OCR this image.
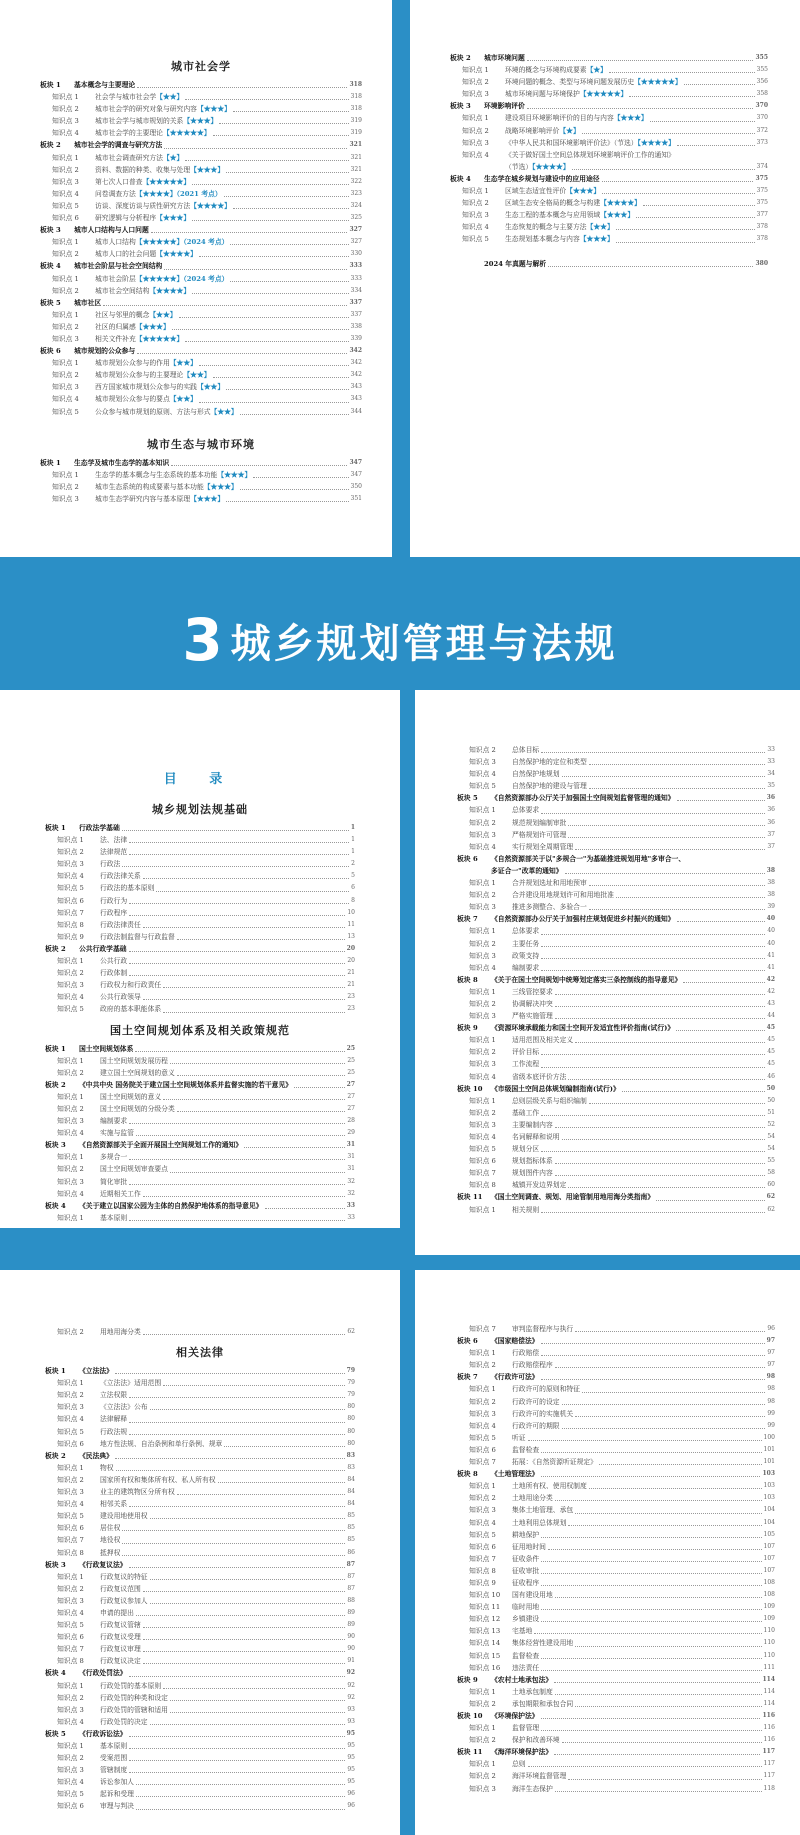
城市社会学
板块 1	基本概念与主要理论	318
知识点 1	社会学与城市社会学【★★】	318
知识点 2	城市社会学的研究对象与研究内容【★★★】	318
知识点 3	城市社会学与城市规划的关系【★★★】	319
知识点 4	城市社会学的主要理论【★★★★★】	319
板块 2	城市社会学的调查与研究方法	321
知识点 1	城市社会调查研究方法【★】	321
知识点 2	资料、数据的种类、收集与处理【★★★】	321
知识点 3	第七次人口普查【★★★★★】	322
知识点 4	问卷调查方法【★★★★】（2021 考点）	323
知识点 5	访谈、深度访谈与质性研究方法【★★★★】	324
知识点 6	研究逻辑与分析程序【★★★】	325
板块 3	城市人口结构与人口问题	327
知识点 1	城市人口结构【★★★★★】（2024 考点）	327
知识点 2	城市人口的社会问题【★★★★】	330
板块 4	城市社会阶层与社会空间结构	333
知识点 1	城市社会阶层【★★★★★】（2024 考点）	333
知识点 2	城市社会空间结构【★★★★】	334
板块 5	城市社区	337
知识点 1	社区与邻里的概念【★★】	337
知识点 2	社区的归属感【★★★】	338
知识点 3	相关文件补充【★★★★★】	339
板块 6	城市规划的公众参与	342
知识点 1	城市规划公众参与的作用【★★】	342
知识点 2	城市规划公众参与的主要理论【★★】	342
知识点 3	西方国家城市规划公众参与的实践【★★】	343
知识点 4	城市规划公众参与的要点【★★】	343
知识点 5	公众参与城市规划的原则、方法与形式【★★】	344
城市生态与城市环境
板块 1	生态学及城市生态学的基本知识	347
知识点 1	生态学的基本概念与生态系统的基本功能【★★★】	347
知识点 2	城市生态系统的构成要素与基本功能【★★★】	350
知识点 3	城市生态学研究内容与基本原理【★★★】	351
板块 2	城市环境问题	355
知识点 1	环境的概念与环境构成要素【★】	355
知识点 2	环境问题的概念、类型与环境问题发展历史【★★★★★】	356
知识点 3	城市环境问题与环境保护【★★★★★】	358
板块 3	环境影响评价	370
知识点 1	建设项目环境影响评价的目的与内容【★★★】	370
知识点 2	战略环境影响评价【★】	372
知识点 3	《中华人民共和国环境影响评价法》（节选）【★★★★】	373
知识点 4	《关于做好国土空间总体规划环境影响评价工作的通知》
（节选）【★★★★】	374
板块 4	生态学在城乡规划与建设中的应用途径	375
知识点 1	区域生态适宜性评价【★★★】	375
知识点 2	区域生态安全格局的概念与构建【★★★★】	375
知识点 3	生态工程的基本概念与应用领域【★★★】	377
知识点 4	生态恢复的概念与主要方法【★★】	378
知识点 5	生态规划基本概念与内容【★★★】	378
2024 年真题与解析	380
3 城乡规划管理与法规
目 录
城乡规划法规基础
板块 1	行政法学基础	1
知识点 1	法、法律	1
知识点 2	法律规范	1
知识点 3	行政法	2
知识点 4	行政法律关系	5
知识点 5	行政法的基本原则	6
知识点 6	行政行为	8
知识点 7	行政程序	10
知识点 8	行政法律责任	11
知识点 9	行政法制监督与行政监督	13
板块 2	公共行政学基础	20
知识点 1	公共行政	20
知识点 2	行政体制	21
知识点 3	行政权力和行政责任	21
知识点 4	公共行政领导	23
知识点 5	政府的基本职能体系	23
国土空间规划体系及相关政策规范
板块 1	国土空间规划体系	25
知识点 1	国土空间规划发展历程	25
知识点 2	建立国土空间规划的意义	25
板块 2	《中共中央 国务院关于建立国土空间规划体系并监督实施的若干意见》	27
知识点 1	国土空间规划的意义	27
知识点 2	国土空间规划的分级分类	27
知识点 3	编制要求	28
知识点 4	实施与监管	29
板块 3	《自然资源部关于全面开展国土空间规划工作的通知》	31
知识点 1	多规合一	31
知识点 2	国土空间规划审查要点	31
知识点 3	简化审批	32
知识点 4	近期相关工作	32
板块 4	《关于建立以国家公园为主体的自然保护地体系的指导意见》	33
知识点 1	基本原则	33
知识点 2	总体目标	33
知识点 3	自然保护地的定位和类型	33
知识点 4	自然保护地规划	34
知识点 5	自然保护地的建设与管理	35
板块 5	《自然资源部办公厅关于加强国土空间规划监督管理的通知》	36
知识点 1	总体要求	36
知识点 2	规范规划编制审批	36
知识点 3	严格规划许可管理	37
知识点 4	实行规划全周期管理	37
板块 6	《自然资源部关于以"多规合一"为基础推进规划用地"多审合一、
多证合一"改革的通知》	38
知识点 1	合并规划选址和用地预审	38
知识点 2	合并建设用地规划许可和用地批准	38
知识点 3	推进多测整合、多验合一	39
板块 7	《自然资源部办公厅关于加强村庄规划促进乡村振兴的通知》	40
知识点 1	总体要求	40
知识点 2	主要任务	40
知识点 3	政策支持	41
知识点 4	编制要求	41
板块 8	《关于在国土空间规划中统筹划定落实三条控制线的指导意见》	42
知识点 1	三线管控要求	42
知识点 2	协调解决冲突	43
知识点 3	严格实施管理	44
板块 9	《资源环境承载能力和国土空间开发适宜性评价指南(试行)》	45
知识点 1	适用范围及相关定义	45
知识点 2	评价目标	45
知识点 3	工作流程	45
知识点 4	省级本底评价方法	46
板块 10	《市级国土空间总体规划编制指南(试行)》	50
知识点 1	总则层级关系与组织编制	50
知识点 2	基础工作	51
知识点 3	主要编制内容	52
知识点 4	名词解释和说明	54
知识点 5	规划分区	54
知识点 6	规划指标体系	55
知识点 7	规划图件内容	58
知识点 8	城镇开发边界划定	60
板块 11	《国土空间调查、规划、用途管制用地用海分类指南》	62
知识点 1	相关规则	62
知识点 2	用地用海分类	62
相关法律
板块 1	《立法法》	79
知识点 1	《立法法》适用范围	79
知识点 2	立法权限	79
知识点 3	《立法法》公布	80
知识点 4	法律解释	80
知识点 5	行政法规	80
知识点 6	地方性法规、自治条例和单行条例、规章	80
板块 2	《民法典》	83
知识点 1	物权	83
知识点 2	国家所有权和集体所有权、私人所有权	84
知识点 3	业主的建筑物区分所有权	84
知识点 4	相邻关系	84
知识点 5	建设用地使用权	85
知识点 6	居住权	85
知识点 7	地役权	85
知识点 8	抵押权	86
板块 3	《行政复议法》	87
知识点 1	行政复议的特征	87
知识点 2	行政复议范围	87
知识点 3	行政复议参加人	88
知识点 4	申请的提出	89
知识点 5	行政复议管辖	89
知识点 6	行政复议受理	90
知识点 7	行政复议审理	90
知识点 8	行政复议决定	91
板块 4	《行政处罚法》	92
知识点 1	行政处罚的基本原则	92
知识点 2	行政处罚的种类和设定	92
知识点 3	行政处罚的管辖和适用	93
知识点 4	行政处罚的决定	93
板块 5	《行政诉讼法》	95
知识点 1	基本原则	95
知识点 2	受案范围	95
知识点 3	管辖制度	95
知识点 4	诉讼参加人	95
知识点 5	起诉和受理	96
知识点 6	审理与判决	96
知识点 7	审判监督程序与执行	96
板块 6	《国家赔偿法》	97
知识点 1	行政赔偿	97
知识点 2	行政赔偿程序	97
板块 7	《行政许可法》	98
知识点 1	行政许可的原则和特征	98
知识点 2	行政许可的设定	98
知识点 3	行政许可的实施机关	99
知识点 4	行政许可的期限	99
知识点 5	听证	100
知识点 6	监督检查	101
知识点 7	拓展：《自然资源听证规定》	101
板块 8	《土地管理法》	103
知识点 1	土地所有权、使用权制度	103
知识点 2	土地用途分类	103
知识点 3	集体土地管理、承包	104
知识点 4	土地利用总体规划	104
知识点 5	耕地保护	105
知识点 6	征用地时间	107
知识点 7	征收条件	107
知识点 8	征收审批	107
知识点 9	征收程序	108
知识点 10	国有建设用地	108
知识点 11	临时用地	109
知识点 12	乡镇建设	109
知识点 13	宅基地	110
知识点 14	集体经营性建设用地	110
知识点 15	监督检查	110
知识点 16	违法责任	111
板块 9	《农村土地承包法》	114
知识点 1	土地承包制度	114
知识点 2	承包期限和承包合同	114
板块 10	《环境保护法》	116
知识点 1	监督管理	116
知识点 2	保护和改善环境	116
板块 11	《海洋环境保护法》	117
知识点 1	总则	117
知识点 2	海洋环境监督管理	117
知识点 3	海洋生态保护	118
